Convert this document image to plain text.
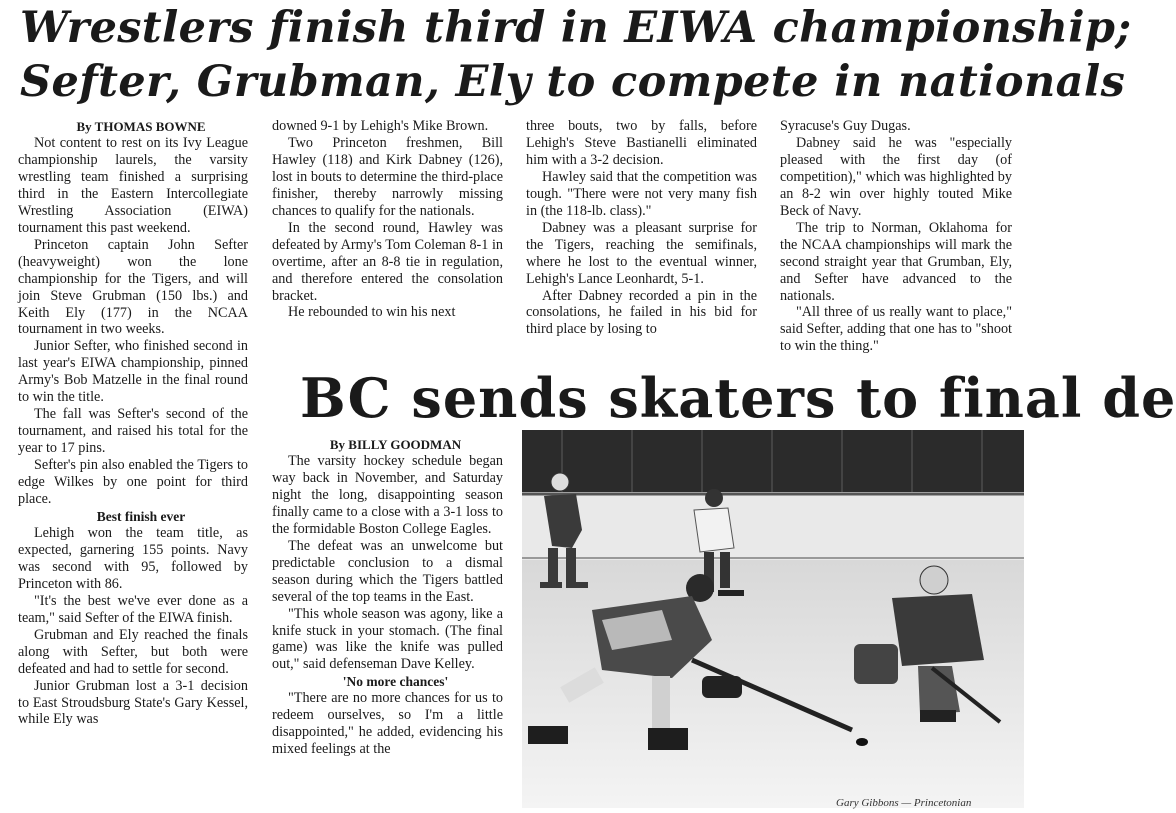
Wrestlers finish third in EIWA championship;
Sefter, Grubman, Ely to compete in nationals

By THOMAS BOWNE

Not content to rest on its Ivy League championship laurels, the varsity wrestling team finished a surprising third in the Eastern Intercollegiate Wrestling Association (EIWA) tournament this past weekend.

Princeton captain John Sefter (heavyweight) won the lone championship for the Tigers, and will join Steve Grubman (150 lbs.) and Keith Ely (177) in the NCAA tournament in two weeks.

Junior Sefter, who finished second in last year's EIWA championship, pinned Army's Bob Matzelle in the final round to win the title.

The fall was Sefter's second of the tournament, and raised his total for the year to 17 pins.

Sefter's pin also enabled the Tigers to edge Wilkes by one point for third place.

Best finish ever

Lehigh won the team title, as expected, garnering 155 points. Navy was second with 95, followed by Princeton with 86.

"It's the best we've ever done as a team," said Sefter of the EIWA finish.

Grubman and Ely reached the finals along with Sefter, but both were defeated and had to settle for second.

Junior Grubman lost a 3-1 decision to East Stroudsburg State's Gary Kessel, while Ely was

downed 9-1 by Lehigh's Mike Brown.

Two Princeton freshmen, Bill Hawley (118) and Kirk Dabney (126), lost in bouts to determine the third-place finisher, thereby narrowly missing chances to qualify for the nationals.

In the second round, Hawley was defeated by Army's Tom Coleman 8-1 in overtime, after an 8-8 tie in regulation, and therefore entered the consolation bracket.

He rebounded to win his next

three bouts, two by falls, before Lehigh's Steve Bastianelli eliminated him with a 3-2 decision.

Hawley said that the competition was tough. "There were not very many fish in (the 118-lb. class)."

Dabney was a pleasant surprise for the Tigers, reaching the semifinals, where he lost to the eventual winner, Lehigh's Lance Leonhardt, 5-1.

After Dabney recorded a pin in the consolations, he failed in his bid for third place by losing to

Syracuse's Guy Dugas.

Dabney said he was "especially pleased with the first day (of competition)," which was highlighted by an 8-2 win over highly touted Mike Beck of Navy.

The trip to Norman, Oklahoma for the NCAA championships will mark the second straight year that Grumban, Ely, and Sefter have advanced to the nationals.

"All three of us really want to place," said Sefter, adding that one has to "shoot to win the thing."

BC sends skaters to final de

By BILLY GOODMAN

The varsity hockey schedule began way back in November, and Saturday night the long, disappointing season finally came to a close with a 3-1 loss to the formidable Boston College Eagles.

The defeat was an unwelcome but predictable conclusion to a dismal season during which the Tigers battled several of the top teams in the East.

"This whole season was agony, like a knife stuck in your stomach. (The final game) was like the knife was pulled out," said defenseman Dave Kelley.

'No more chances'

"There are no more chances for us to redeem ourselves, so I'm a little disappointed," he added, evidencing his mixed feelings at the

Gary Gibbons — Princetonian
